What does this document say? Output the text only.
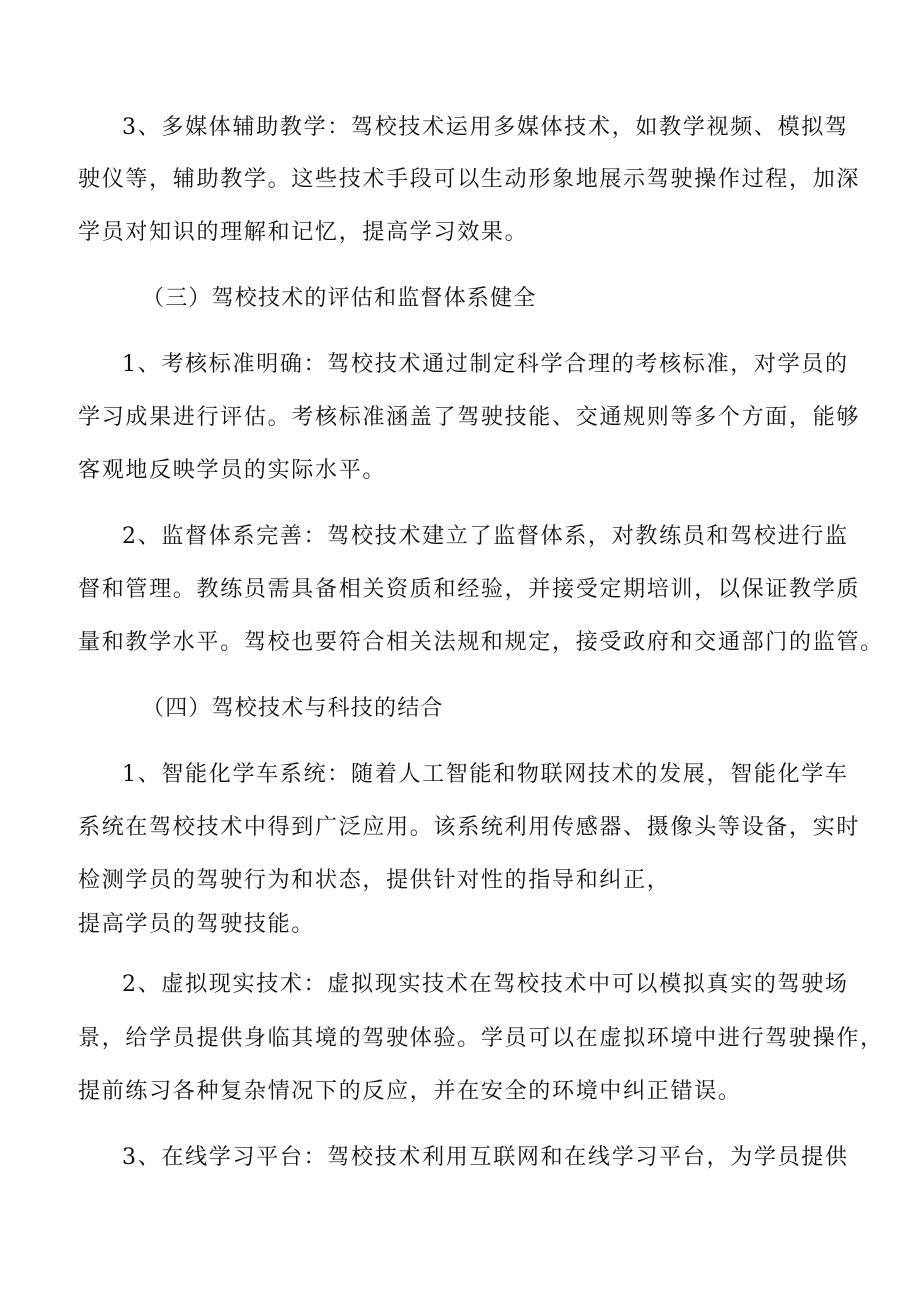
3、多媒体辅助教学：驾校技术运用多媒体技术，如教学视频、模拟驾
驶仪等，辅助教学。这些技术手段可以生动形象地展示驾驶操作过程，加深
学员对知识的理解和记忆，提高学习效果。
（三）驾校技术的评估和监督体系健全
1、考核标准明确：驾校技术通过制定科学合理的考核标准，对学员的
学习成果进行评估。考核标准涵盖了驾驶技能、交通规则等多个方面，能够
客观地反映学员的实际水平。
2、监督体系完善：驾校技术建立了监督体系，对教练员和驾校进行监
督和管理。教练员需具备相关资质和经验，并接受定期培训，以保证教学质
量和教学水平。驾校也要符合相关法规和规定，接受政府和交通部门的监管。
（四）驾校技术与科技的结合
1、智能化学车系统：随着人工智能和物联网技术的发展，智能化学车
系统在驾校技术中得到广泛应用。该系统利用传感器、摄像头等设备，实时
检测学员的驾驶行为和状态，提供针对性的指导和纠正，
提高学员的驾驶技能。
2、虚拟现实技术：虚拟现实技术在驾校技术中可以模拟真实的驾驶场
景，给学员提供身临其境的驾驶体验。学员可以在虚拟环境中进行驾驶操作，
提前练习各种复杂情况下的反应，并在安全的环境中纠正错误。
3、在线学习平台：驾校技术利用互联网和在线学习平台，为学员提供
